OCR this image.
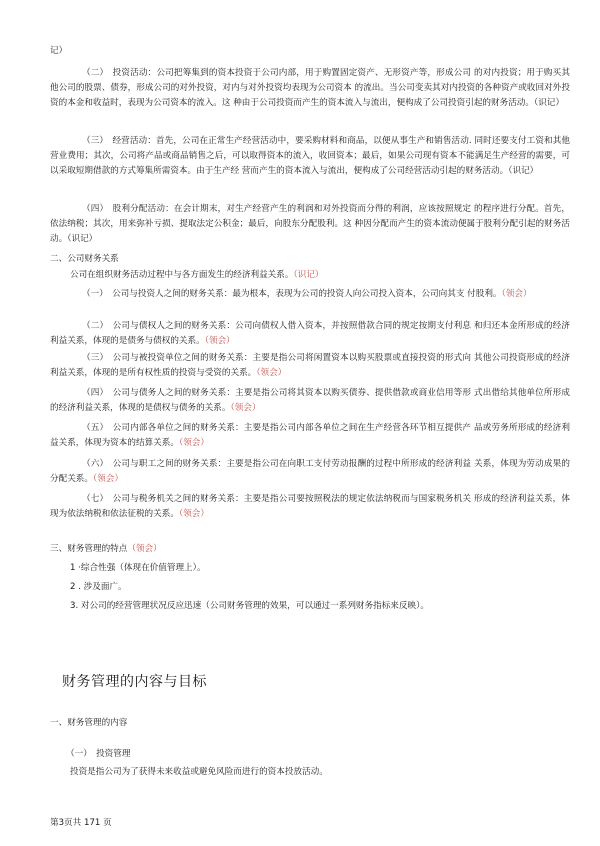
记）

（二）　投资活动：公司把筹集到的资本投资于公司内部，用于购置固定资产、无形资产等，形成公司 的对内投资；用于购买其他公司的股票、债券，形成公司的对外投资，对内与对外投资均表现为公司资本 的流出。当公司变卖其对内投资的各种资产或收回对外投资的本金和收益时，表现为公司资本的流入。这 种由于公司投资而产生的资本流入与流出，便构成了公司投资引起的财务活动。（识记）

（三）　经营活动：首先，公司在正常生产经营活动中，要采购材料和商品，以便从事生产和销售活动. 同时还要支付工资和其他营业费用；其次，公司将产品或商品销售之后，可以取得资本的流入，收回资本；最后，如果公司现有资本不能满足生产经营的需要，可以采取短期借款的方式筹集所需资本。由于生产经 营而产生的资本流入与流出，便构成了公司经营活动引起的财务活动。（识记）

（四）　股利分配活动：在会计期末，对生产经营产生的利润和对外投资而分得的利润，应该按照规定 的程序进行分配。首先，依法纳税；其次，用来弥补亏损、提取法定公积金；最后，向股东分配股利。这 种因分配而产生的资本流动便属于股利分配引起的财务活动。（识记）

二、公司财务关系

公司在组织财务活动过程中与各方面发生的经济利益关系。（识记）

（一）　公司与投资人之间的财务关系：最为根本，表现为公司的投资人向公司投入资本，公司向其支 付股利。（领会）

（二）　公司与债权人之间的财务关系：公司向债权人借入资本，并按照借款合同的规定按期支付利息 和归还本金所形成的经济利益关系，体现的是债务与债权的关系。（领会）

（三）　公司与被投资单位之间的财务关系：主要是指公司将闲置资本以购买股票或直接投资的形式向 其他公司投资形成的经济利益关系，体现的是所有权性质的投资与受资的关系。（领会）

（四）　公司与债务人之间的财务关系：主要是指公司将其资本以购买债券、提供借款或商业信用等形 式出借给其他单位所形成的经济利益关系，体现的是债权与债务的关系。（领会）

（五）　公司内部各单位之间的财务关系：主要是指公司内部各单位之间在生产经营各环节相互提供产 品或劳务所形成的经济利益关系，体现为资本的结算关系。（领会）

（六）　公司与职工之间的财务关系：主要是指公司在向职工支付劳动报酬的过程中所形成的经济利益 关系，体现为劳动成果的分配关系。（领会）

（七）　公司与税务机关之间的财务关系：主要是指公司要按照税法的规定依法纳税而与国家税务机关 形成的经济利益关系，体现为依法纳税和依法征税的关系。（领会）

三、财务管理的特点（领会）

1 ·综合性强（体现在价值管理上）。

2 . 涉及面广。

3. 对公司的经营管理状况反应迅速（公司财务管理的效果，可以通过一系列财务指标来反映）。

财务管理的内容与目标

一、财务管理的内容

（一）　投资管理

投资是指公司为了获得未来收益或避免风险而进行的资本投放活动。

第3页共 171 页
